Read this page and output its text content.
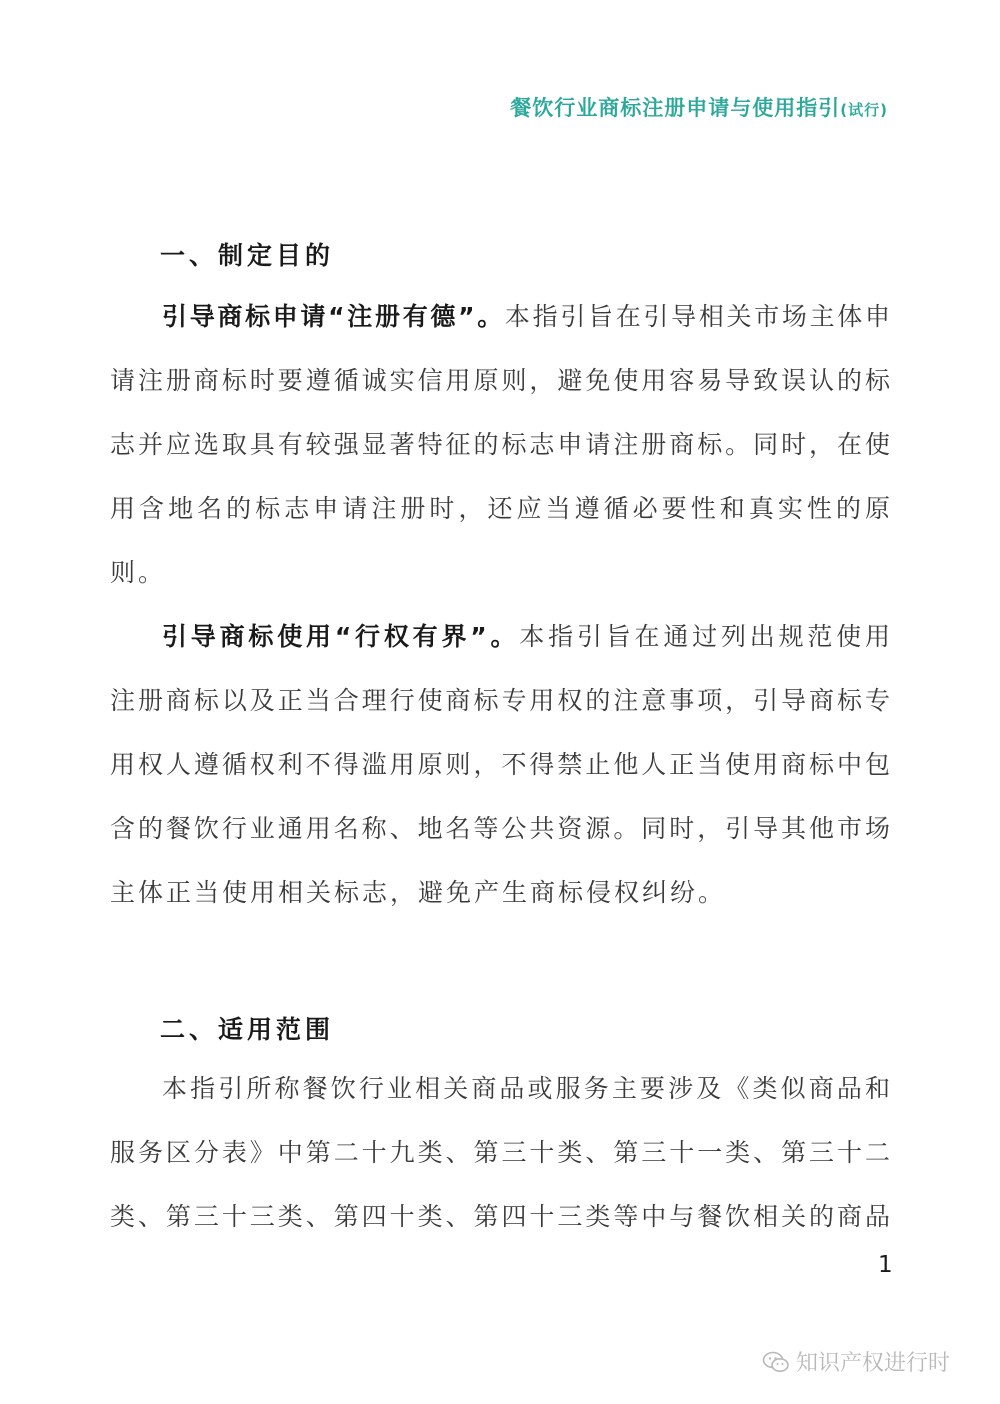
餐饮行业商标注册申请与使用指引(试行)
一、制定目的
引导商标申请“注册有德”。本指引旨在引导相关市场主体申
请注册商标时要遵循诚实信用原则，避免使用容易导致误认的标
志并应选取具有较强显著特征的标志申请注册商标。同时，在使
用含地名的标志申请注册时，还应当遵循必要性和真实性的原
则。
引导商标使用“行权有界”。本指引旨在通过列出规范使用
注册商标以及正当合理行使商标专用权的注意事项，引导商标专
用权人遵循权利不得滥用原则，不得禁止他人正当使用商标中包
含的餐饮行业通用名称、地名等公共资源。同时，引导其他市场
主体正当使用相关标志，避免产生商标侵权纠纷。
二、适用范围
本指引所称餐饮行业相关商品或服务主要涉及《类似商品和
服务区分表》中第二十九类、第三十类、第三十一类、第三十二
类、第三十三类、第四十类、第四十三类等中与餐饮相关的商品
1
知识产权进行时
